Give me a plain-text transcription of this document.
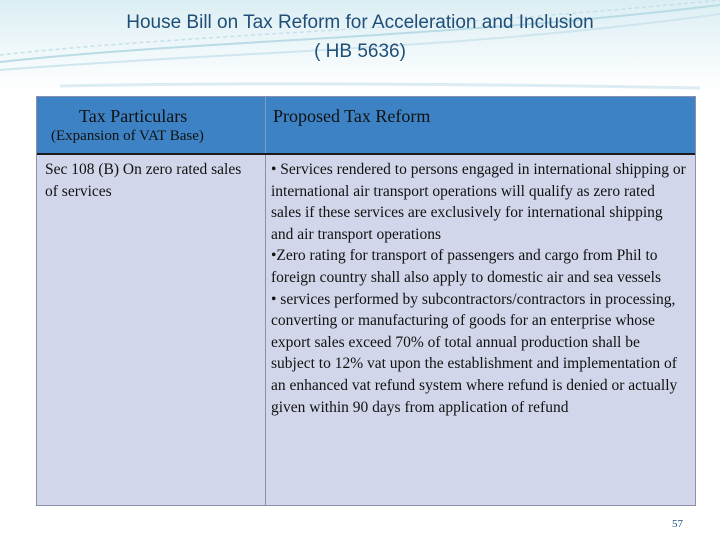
House Bill on Tax Reform for Acceleration and Inclusion
( HB 5636)
Tax Particulars
(Expansion of VAT Base)
Proposed Tax Reform
Sec 108 (B) On zero rated sales of services
• Services rendered to persons engaged in international shipping or international air transport operations will qualify as zero rated sales if these services are exclusively for international shipping and air transport operations
•Zero rating for transport of passengers and cargo from Phil to foreign country shall also apply to domestic air and sea vessels
• services performed by subcontractors/contractors in processing, converting or manufacturing of goods for an enterprise whose export sales exceed 70% of total annual production shall be subject to 12% vat upon the establishment and implementation of an enhanced vat refund system where refund is denied or actually given within 90 days from application of refund
57
